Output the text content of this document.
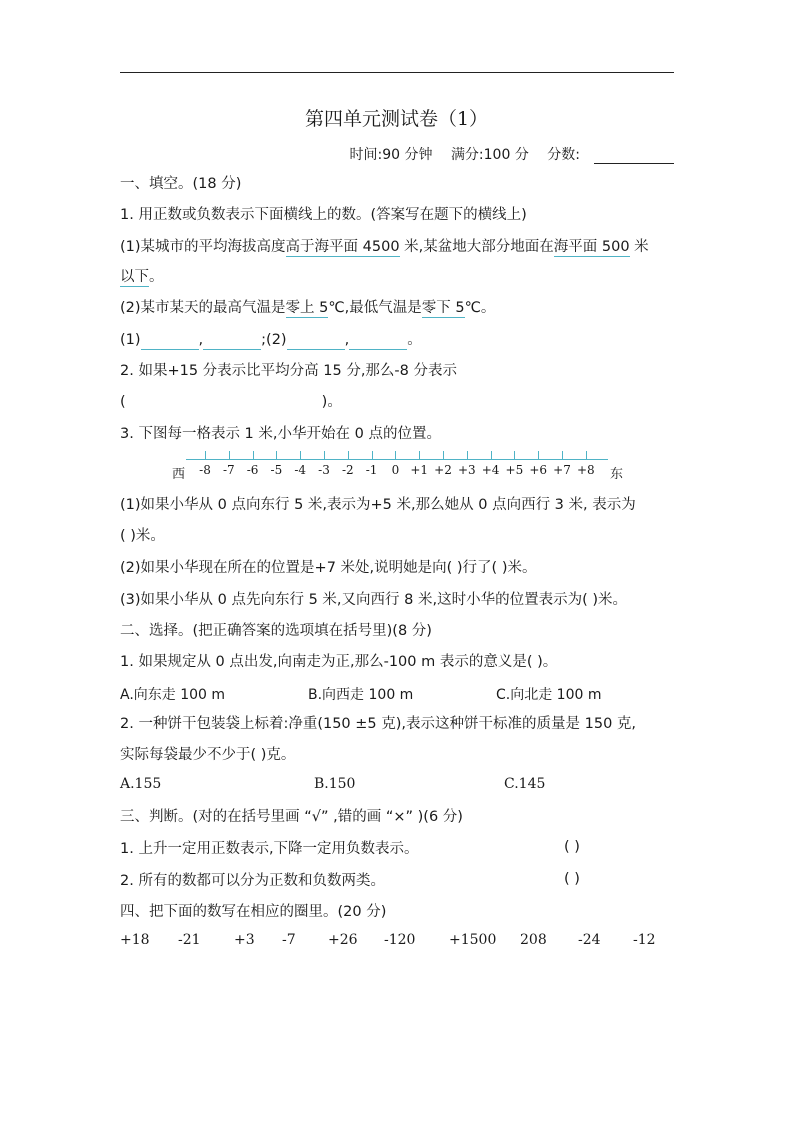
第四单元测试卷（1）
时间:90 分钟 满分:100 分 分数:
一、填空。(18 分)
1. 用正数或负数表示下面横线上的数。(答案写在题下的横线上)
(1)某城市的平均海拔高度高于海平面 4500 米,某盆地大部分地面在海平面 500 米
以下。
(2)某市某天的最高气温是零上 5℃,最低气温是零下 5℃。
(1)	,	;(2)	,	。
2. 如果+15 分表示比平均分高 15 分,那么-8 分表示
(	)。
3. 下图每一格表示 1 米,小华开始在 0 点的位置。
西	东
-8 -7 -6 -5 -4 -3 -2 -1 0 +1 +2 +3 +4 +5 +6 +7 +8
(1)如果小华从 0 点向东行 5 米,表示为+5 米,那么她从 0 点向西行 3 米, 表示为
( )米。
(2)如果小华现在所在的位置是+7 米处,说明她是向( )行了( )米。
(3)如果小华从 0 点先向东行 5 米,又向西行 8 米,这时小华的位置表示为( )米。
二、选择。(把正确答案的选项填在括号里)(8 分)
1. 如果规定从 0 点出发,向南走为正,那么-100 m 表示的意义是( )。
A.向东走 100 m	B.向西走 100 m	C.向北走 100 m
2. 一种饼干包装袋上标着:净重(150 ±5 克),表示这种饼干标准的质量是 150 克,
实际每袋最少不少于( )克。
A.155	B.150	C.145
三、判断。(对的在括号里画 “√” ,错的画 “×” )(6 分)
1. 上升一定用正数表示,下降一定用负数表示。	( )
2. 所有的数都可以分为正数和负数两类。	( )
四、把下面的数写在相应的圈里。(20 分)
+18 -21 +3 -7 +26 -120 +1500 208 -24 -12
